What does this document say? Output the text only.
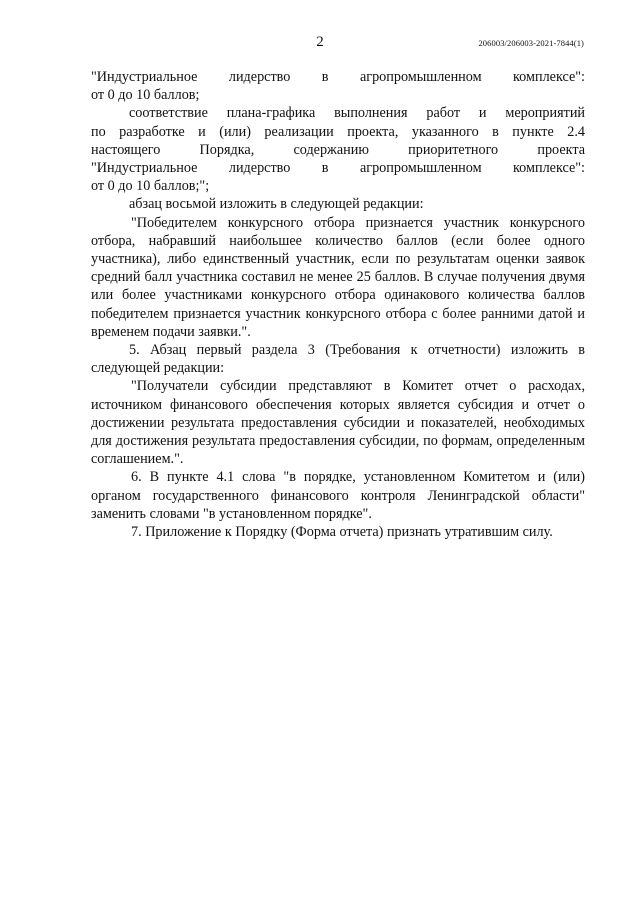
2	206003/206003-2021-7844(1)

"Индустриальное лидерство в агропромышленном комплексе":
от 0 до 10 баллов;

соответствие плана-графика выполнения работ и мероприятий
по разработке и (или) реализации проекта, указанного в пункте 2.4
настоящего Порядка, содержанию приоритетного проекта
"Индустриальное лидерство в агропромышленном комплексе":
от 0 до 10 баллов;";

абзац восьмой изложить в следующей редакции:

"Победителем конкурсного отбора признается участник конкурсного отбора, набравший наибольшее количество баллов (если более одного участника), либо единственный участник, если по результатам оценки заявок средний балл участника составил не менее 25 баллов. В случае получения двумя или более участниками конкурсного отбора одинакового количества баллов победителем признается участник конкурсного отбора с более ранними датой и временем подачи заявки.".

5. Абзац первый раздела 3 (Требования к отчетности) изложить в следующей редакции:

"Получатели субсидии представляют в Комитет отчет о расходах, источником финансового обеспечения которых является субсидия и отчет о достижении результата предоставления субсидии и показателей, необходимых для достижения результата предоставления субсидии, по формам, определенным соглашением.".

6. В пункте 4.1 слова "в порядке, установленном Комитетом и (или) органом государственного финансового контроля Ленинградской области" заменить словами "в установленном порядке".

7. Приложение к Порядку (Форма отчета) признать утратившим силу.
